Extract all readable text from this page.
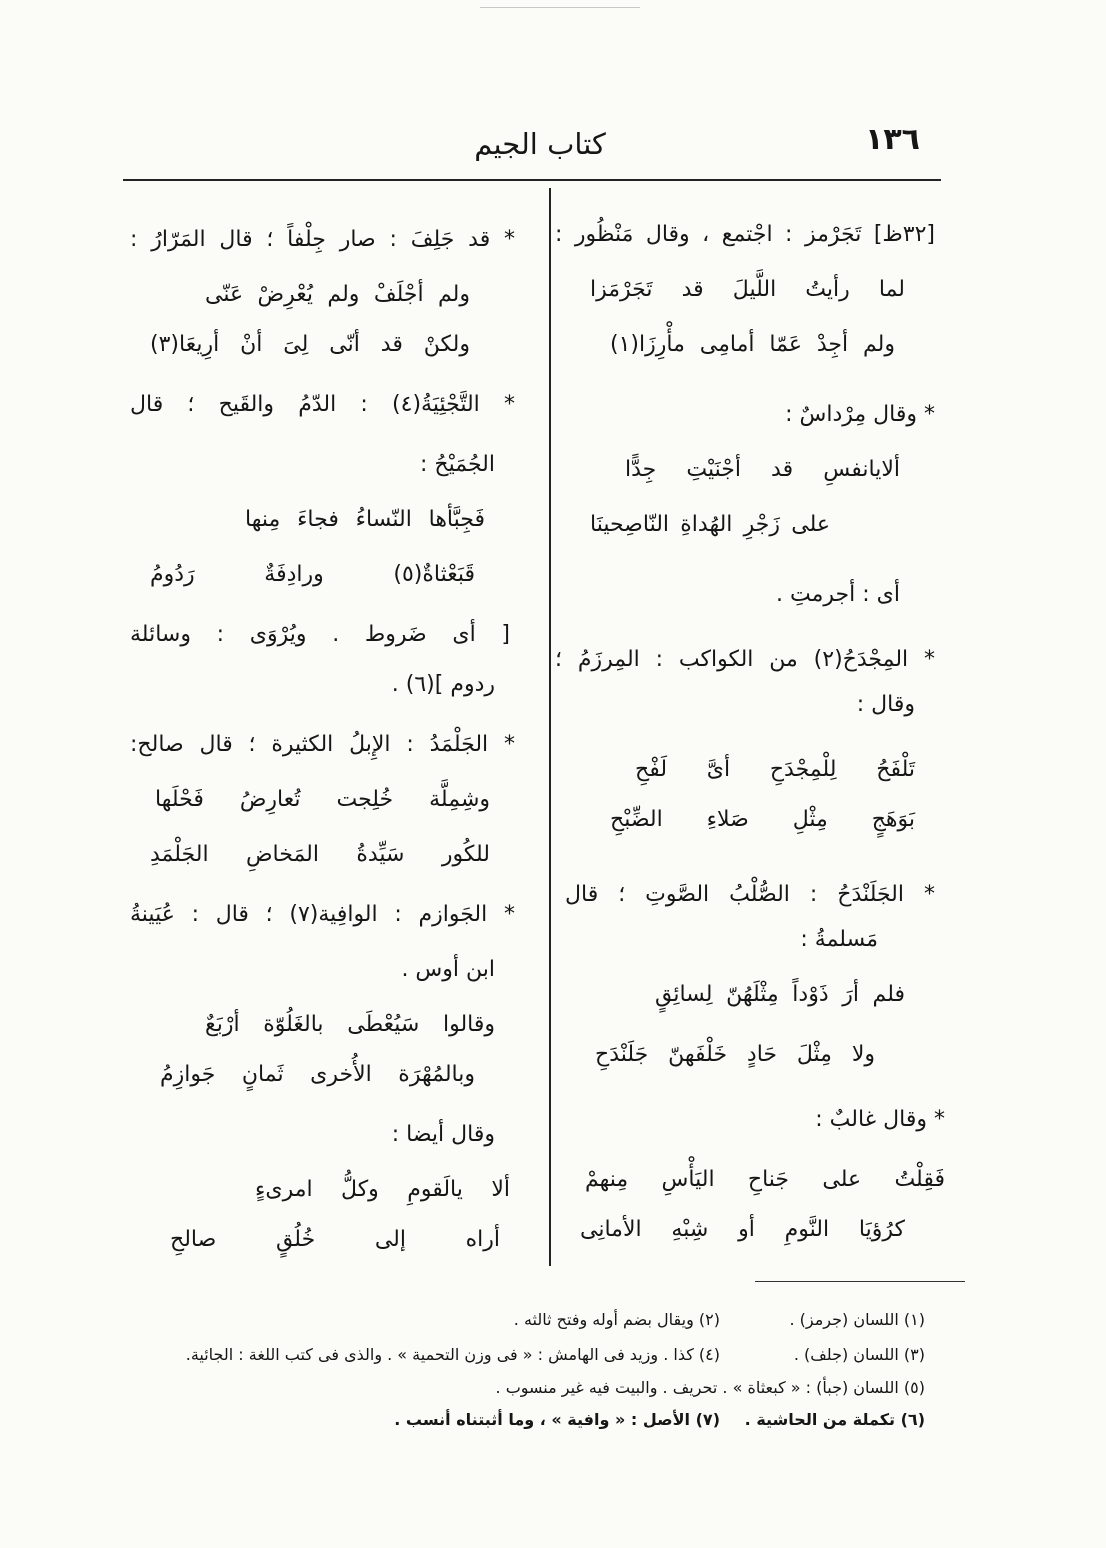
١٣٦
كتاب الجيم
[٣٢ظ] تَجَرْمز : اجْتمع ، وقال مَنْظُور :
لما رأيتُ اللَّيلَ قد تَجَرْمَزا
ولم أجِدْ عَمّا أمامِى مأْرِزَا(١)
* وقال مِرْداسٌ :
ألايانفسِ قد أجْنَيْتِ جِدًّا
على زَجْرِ الهُداةِ النّاصِحينَا
أى : أجرمتِ .
* المِجْدَحُ(٢) من الكواكب : المِرزَمُ ؛
وقال :
تَلْفَحُ لِلْمِجْدَحِ أىَّ لَفْحِ
بَوَهَجٍ مِثْلِ صَلاءِ الضِّبْحِ
* الجَلَنْدَحُ : الصُّلْبُ الصَّوتِ ؛ قال
مَسلمةُ :
فلم أرَ ذَوْداً مِثْلَهُنّ لِسائِقٍ
ولا مِثْلَ حَادٍ خَلْفَهنّ جَلَنْدَحِ
* وقال غالبٌ :
فَقِلْتُ على جَناحِ اليَأْسِ مِنهمْ
كرُؤيَا النَّومِ أو شِبْهِ الأمانِى
* قد جَلِفَ : صار جِلْفاً ؛ قال المَرّارُ :
ولم أجْلَفْ ولم يُعْرِضْ عَنّى
ولكنْ قد أنّى لِىَ أنْ أرِيعَا(٣)
* التَّجْئِيَةُ(٤) : الدّمُ والقَيح ؛ قال
الجُمَيْحُ :
فَجِبَّأها النّساءُ فجاءَ مِنها
قَبَعْثاةٌ(٥) ورادِفَةٌ رَدُومُ
[ أى ضَروط . ويُرْوَى : وسائلة
ردوم ](٦) .
* الجَلْمَدُ : الإِبلُ الكثيرة ؛ قال صالح:
وشِمِلَّة خُلِجت تُعارِضُ فَحْلَها
للكُور سَيِّدةُ المَخاضِ الجَلْمَدِ
* الجَوازم : الوافِية(٧) ؛ قال : عُيَينةُ
ابن أوس .
وقالوا سَيُعْطَى بالغَلُوّة أرْبَعٌ
وبالمُهْرَة الأُخرى ثَمانٍ جَوازِمُ
وقال أيضا :
ألا يالَقومِ وكلُّ امرىءٍ
أراه إلى خُلُقٍ صالحِ
(١) اللسان (جرمز) .
(٢) ويقال بضم أوله وفتح ثالثه .
(٣) اللسان (جلف) .
(٤) كذا . وزيد فى الهامش : « فى وزن التحمية » . والذى فى كتب اللغة : الجائية.
(٥) اللسان (جبأ) : « كبعثاة » . تحريف . والبيت فيه غير منسوب .
(٦) تكملة من الحاشية .
(٧) الأصل : « وافية » ، وما أثبتناه أنسب .
